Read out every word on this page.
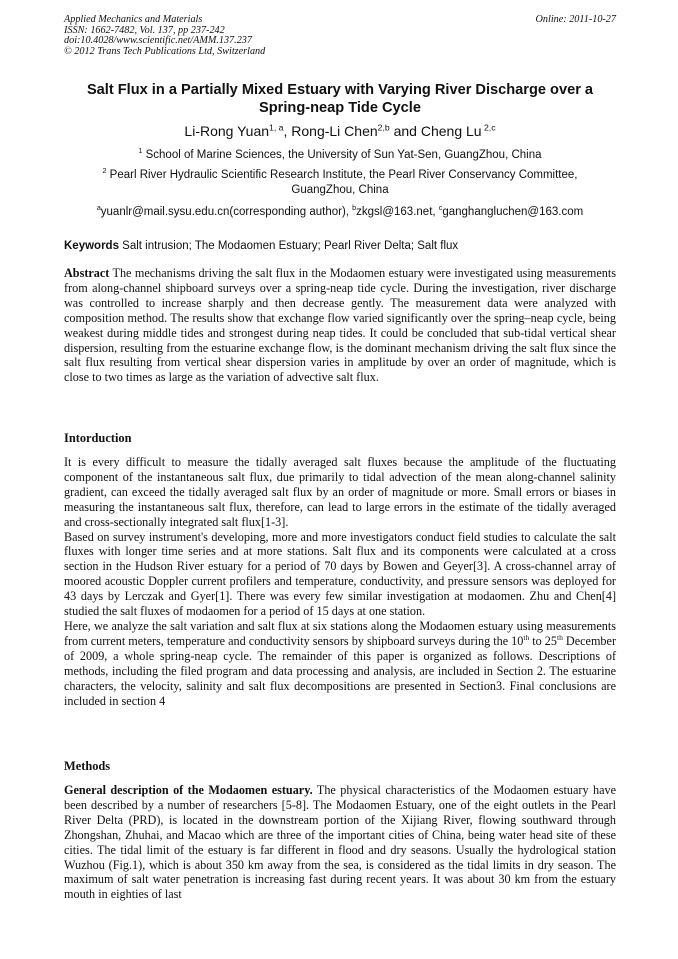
Applied Mechanics and Materials
ISSN: 1662-7482, Vol. 137, pp 237-242
doi:10.4028/www.scientific.net/AMM.137.237
© 2012 Trans Tech Publications Ltd, Switzerland
Online: 2011-10-27
Salt Flux in a Partially Mixed Estuary with Varying River Discharge over a Spring-neap Tide Cycle
Li-Rong Yuan$^{1, a}$, Rong-Li Chen$^{2,b}$ and Cheng Lu $^{2,c}$
$^1$ School of Marine Sciences, the University of Sun Yat-Sen, GuangZhou, China
$^2$ Pearl River Hydraulic Scientific Research Institute, the Pearl River Conservancy Committee, GuangZhou, China
$^a$yuanlr@mail.sysu.edu.cn(corresponding author), $^b$zkgsl@163.net, $^c$ganghangluchen@163.com
Keywords Salt intrusion; The Modaomen Estuary; Pearl River Delta; Salt flux
Abstract The mechanisms driving the salt flux in the Modaomen estuary were investigated using measurements from along-channel shipboard surveys over a spring-neap tide cycle. During the investigation, river discharge was controlled to increase sharply and then decrease gently. The measurement data were analyzed with composition method. The results show that exchange flow varied significantly over the spring–neap cycle, being weakest during middle tides and strongest during neap tides. It could be concluded that sub-tidal vertical shear dispersion, resulting from the estuarine exchange flow, is the dominant mechanism driving the salt flux since the salt flux resulting from vertical shear dispersion varies in amplitude by over an order of magnitude, which is close to two times as large as the variation of advective salt flux.
Intorduction

It is every difficult to measure the tidally averaged salt fluxes because the amplitude of the fluctuating component of the instantaneous salt flux, due primarily to tidal advection of the mean along-channel salinity gradient, can exceed the tidally averaged salt flux by an order of magnitude or more. Small errors or biases in measuring the instantaneous salt flux, therefore, can lead to large errors in the estimate of the tidally averaged and cross-sectionally integrated salt flux[1-3].

Based on survey instrument's developing, more and more investigators conduct field studies to calculate the salt fluxes with longer time series and at more stations. Salt flux and its components were calculated at a cross section in the Hudson River estuary for a period of 70 days by Bowen and Geyer[3]. A cross-channel array of moored acoustic Doppler current profilers and temperature, conductivity, and pressure sensors was deployed for 43 days by Lerczak and Gyer[1]. There was every few similar investigation at modaomen. Zhu and Chen[4] studied the salt fluxes of modaomen for a period of 15 days at one station.

Here, we analyze the salt variation and salt flux at six stations along the Modaomen estuary using measurements from current meters, temperature and conductivity sensors by shipboard surveys during the 10th to 25th December of 2009, a whole spring-neap cycle. The remainder of this paper is organized as follows. Descriptions of methods, including the filed program and data processing and analysis, are included in Section 2. The estuarine characters, the velocity, salinity and salt flux decompositions are presented in Section3. Final conclusions are included in section 4

Methods

General description of the Modaomen estuary. The physical characteristics of the Modaomen estuary have been described by a number of researchers [5-8]. The Modaomen Estuary, one of the eight outlets in the Pearl River Delta (PRD), is located in the downstream portion of the Xijiang River, flowing southward through Zhongshan, Zhuhai, and Macao which are three of the important cities of China, being water head site of these cities. The tidal limit of the estuary is far different in flood and dry seasons. Usually the hydrological station Wuzhou (Fig.1), which is about 350 km away from the sea, is considered as the tidal limits in dry season. The maximum of salt water penetration is increasing fast during recent years. It was about 30 km from the estuary mouth in eighties of last
